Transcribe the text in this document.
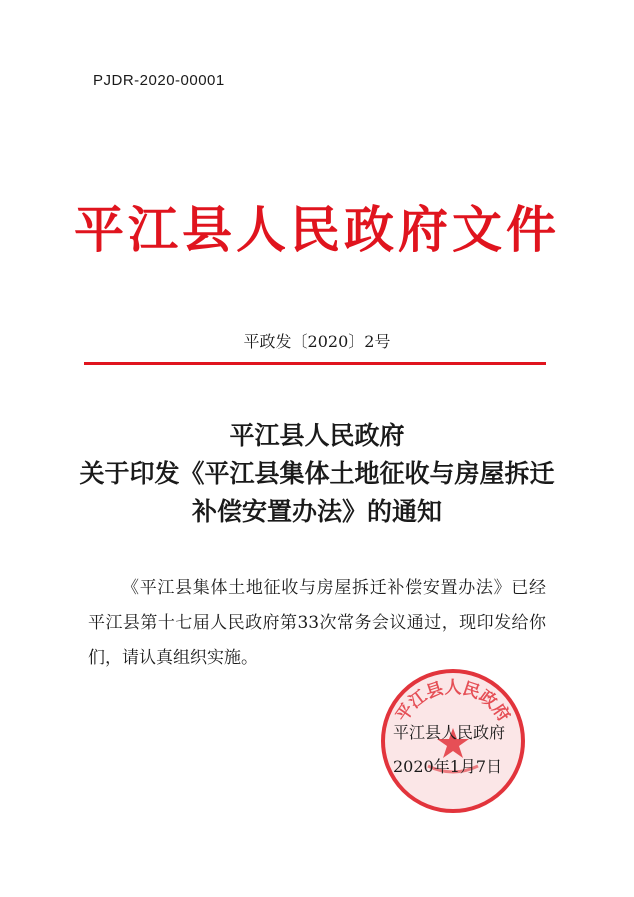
PJDR-2020-00001
平江县人民政府文件
平政发〔2020〕2号
平江县人民政府
关于印发《平江县集体土地征收与房屋拆迁
补偿安置办法》的通知

《平江县集体土地征收与房屋拆迁补偿安置办法》已经平江县第十七届人民政府第33次常务会议通过，现印发给你们，请认真组织实施。

平江县人民政府
平江县人民政府
2020年1月7日
